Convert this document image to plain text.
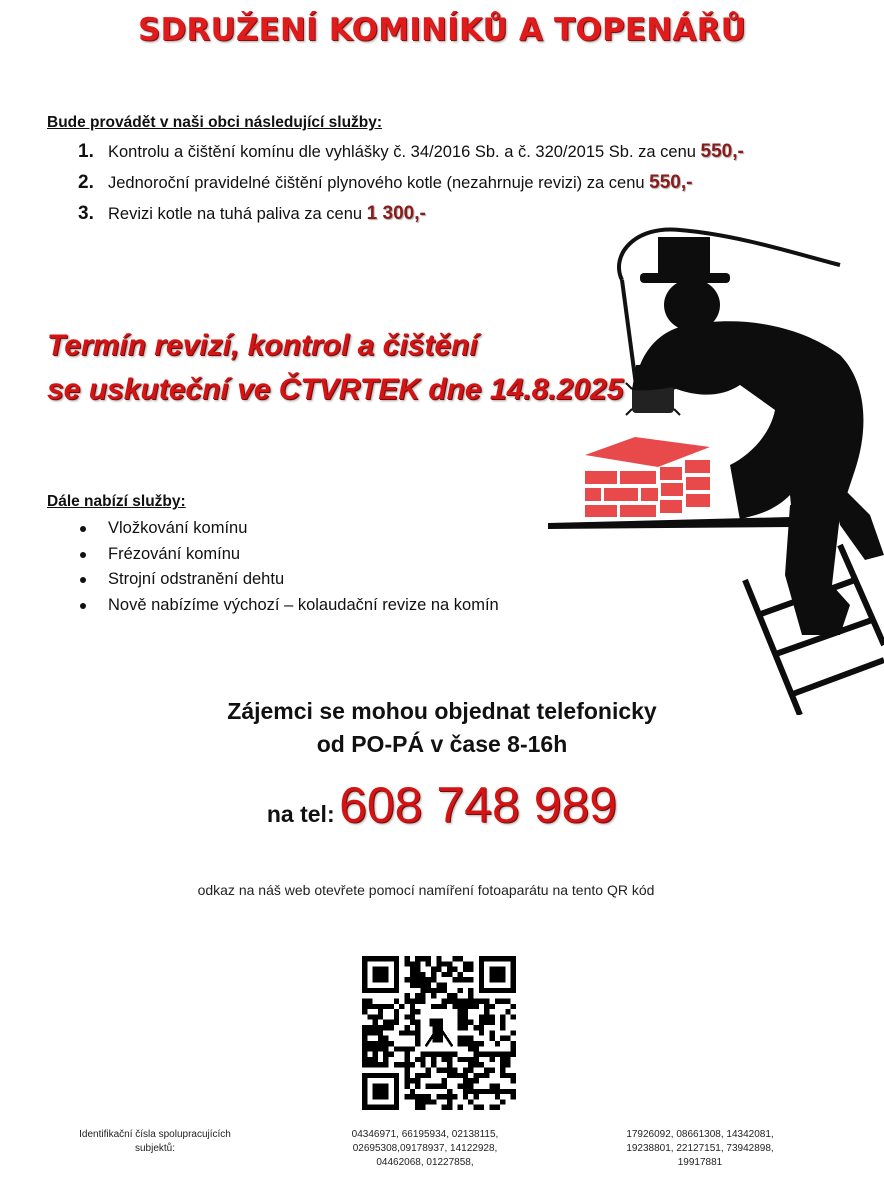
SDRUŽENÍ KOMINÍKŮ A TOPENÁŘŮ
Bude provádět v naši obci následující služby:
1. Kontrolu a čištění komínu dle vyhlášky č. 34/2016 Sb. a č. 320/2015 Sb. za cenu 550,-
2. Jednoroční pravidelné čištění plynového kotle (nezahrnuje revizi) za cenu 550,-
3. Revizi kotle na tuhá paliva za cenu 1 300,-
Termín revizí, kontrol a čištění
se uskuteční ve ČTVRTEK dne 14.8.2025
Dále nabízí služby:
Vložkování komínu
Frézování komínu
Strojní odstranění dehtu
Nově nabízíme výchozí – kolaudační revize na komín
Zájemci se mohou objednat telefonicky
od PO-PÁ v čase 8-16h
na tel: 608 748 989
odkaz na náš web otevřete pomocí namíření fotoaparátu na tento QR kód
Identifikační čísla spolupracujících
subjektů:
04346971, 66195934, 02138115,
02695308,09178937, 14122928,
04462068, 01227858,
17926092, 08661308, 14342081,
19238801, 22127151, 73942898,
19917881
